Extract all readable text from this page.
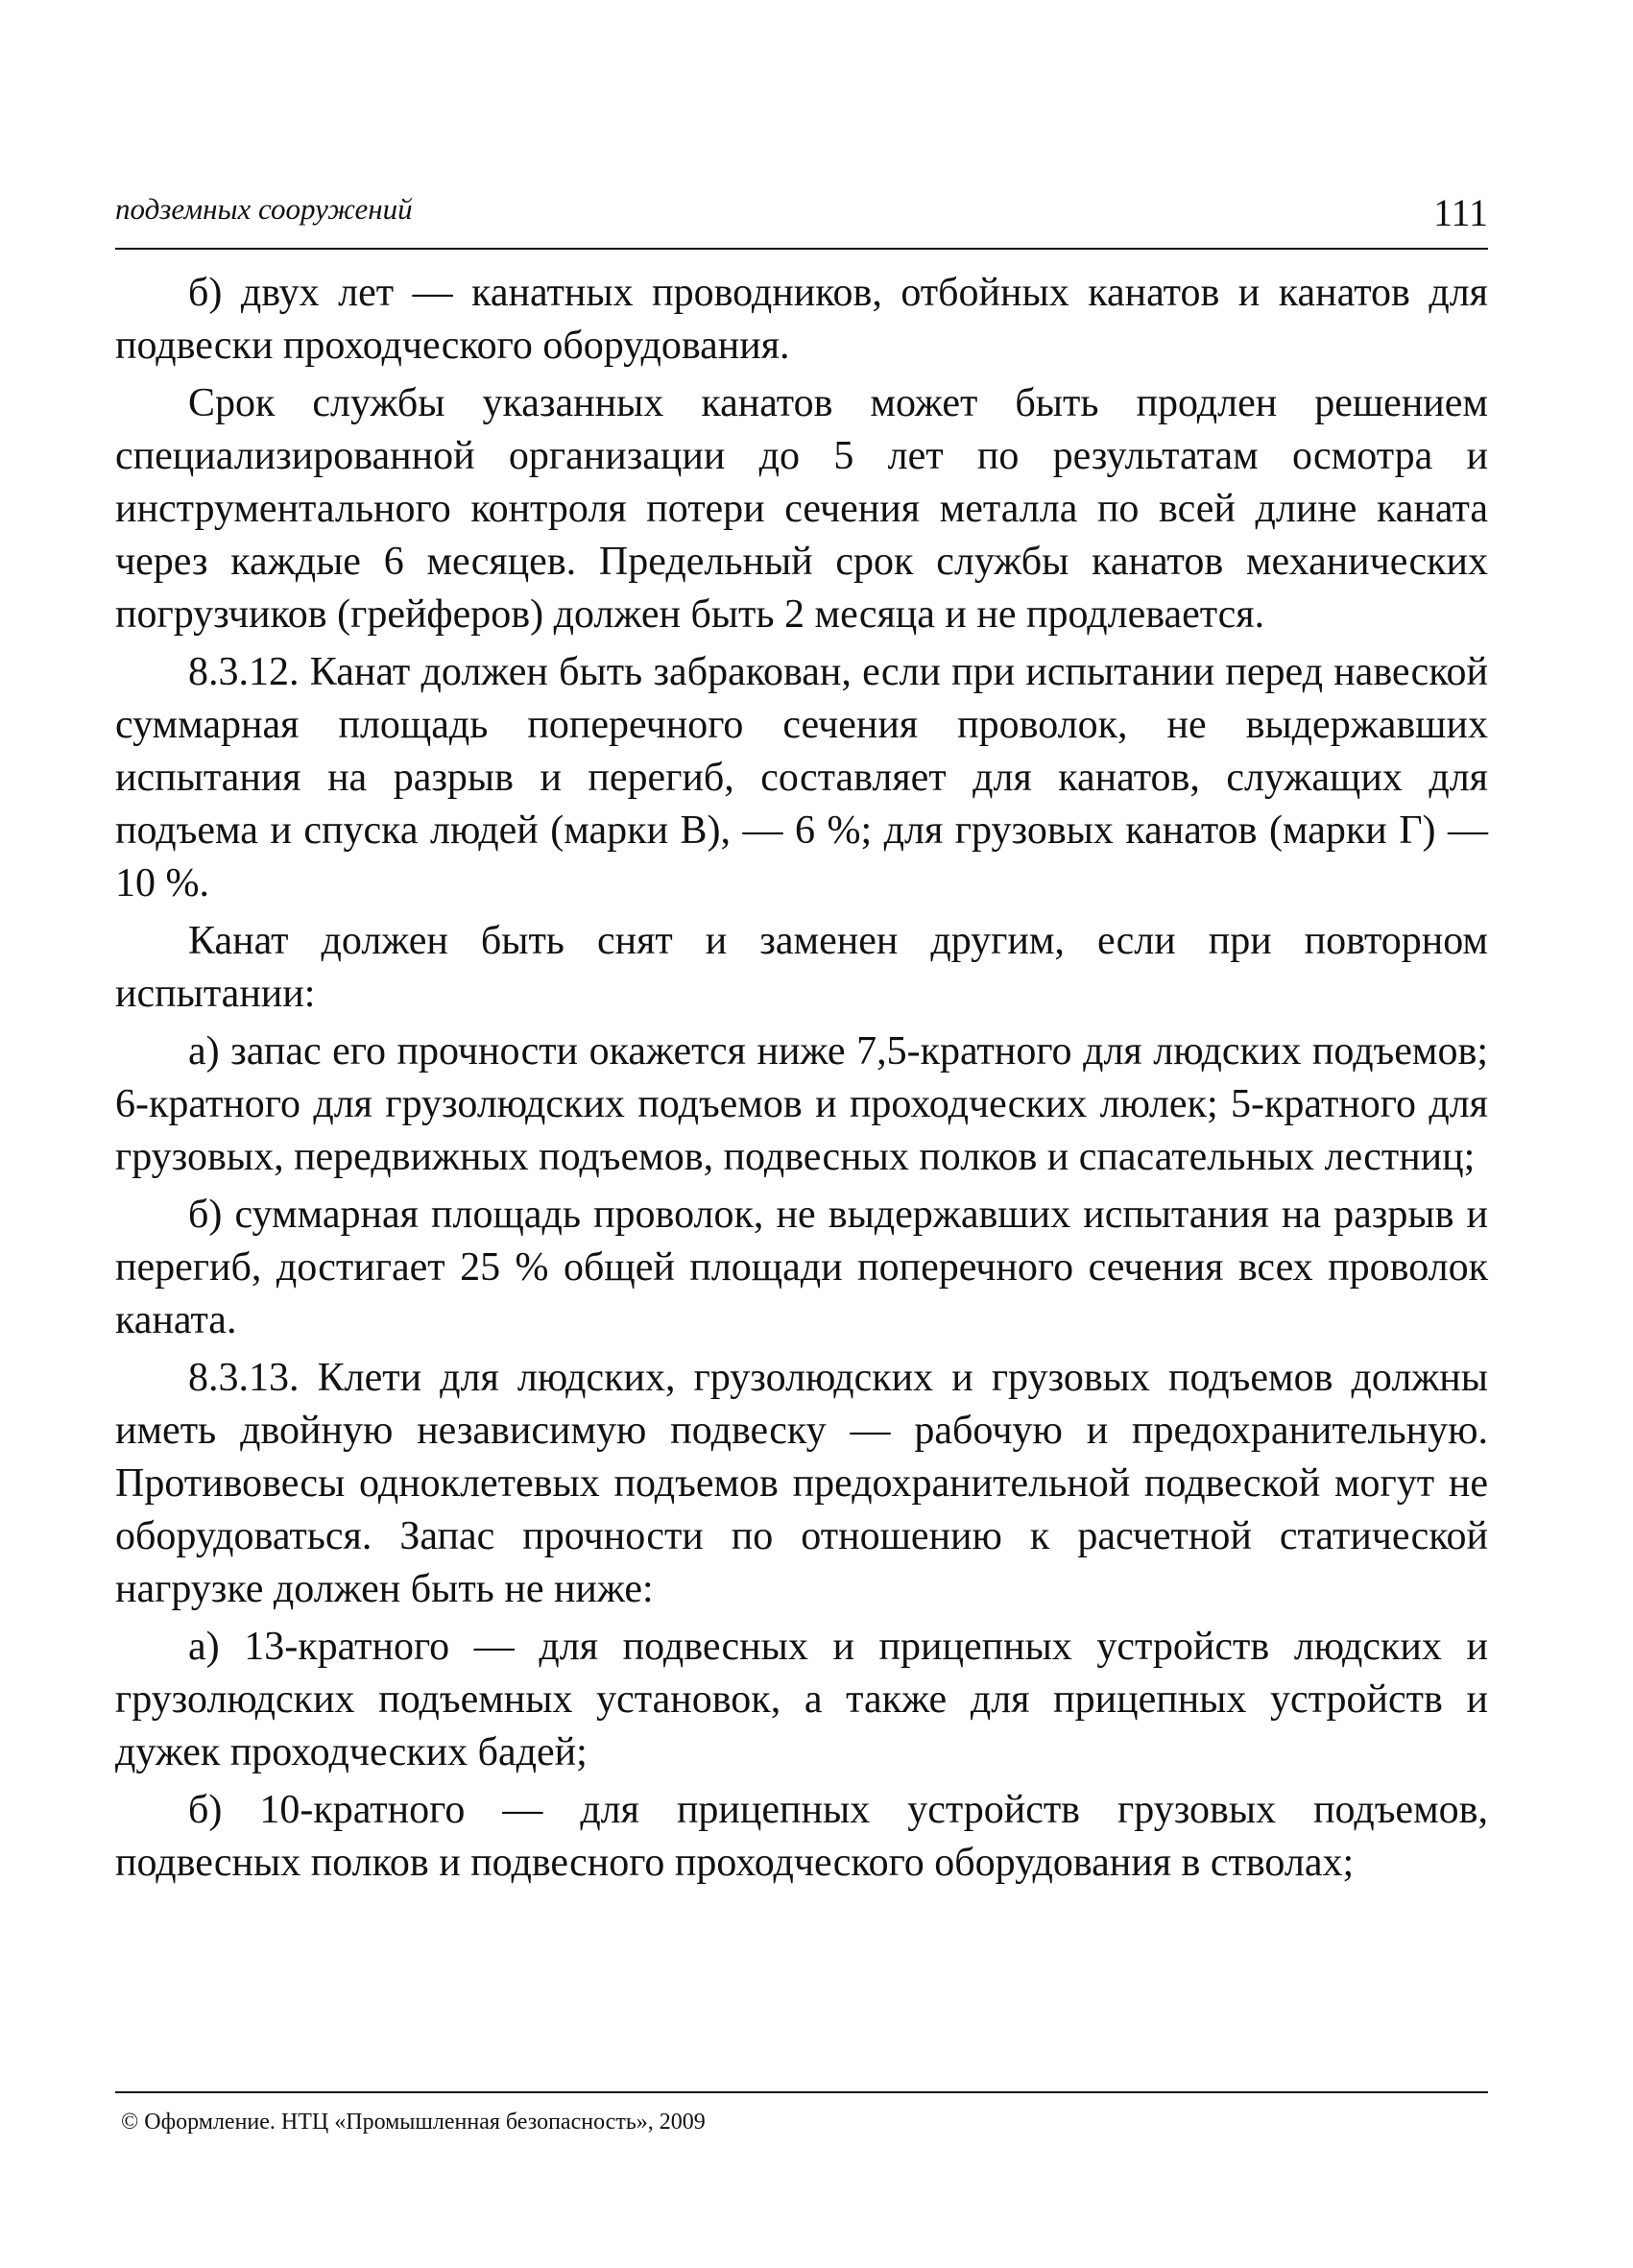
подземных сооружений	111

б) двух лет — канатных проводников, отбойных канатов и канатов для подвески проходческого оборудования.

Срок службы указанных канатов может быть продлен решением специализированной организации до 5 лет по результатам осмотра и инструментального контроля потери сечения металла по всей длине каната через каждые 6 месяцев. Предельный срок службы канатов механических погрузчиков (грейферов) должен быть 2 месяца и не продлевается.

8.3.12. Канат должен быть забракован, если при испытании перед навеской суммарная площадь поперечного сечения проволок, не выдержавших испытания на разрыв и перегиб, составляет для канатов, служащих для подъема и спуска людей (марки В), — 6 %; для грузовых канатов (марки Г) — 10 %.

Канат должен быть снят и заменен другим, если при повторном испытании:

а) запас его прочности окажется ниже 7,5-кратного для людских подъемов; 6-кратного для грузолюдских подъемов и проходческих люлек; 5-кратного для грузовых, передвижных подъемов, подвесных полков и спасательных лестниц;

б) суммарная площадь проволок, не выдержавших испытания на разрыв и перегиб, достигает 25 % общей площади поперечного сечения всех проволок каната.

8.3.13. Клети для людских, грузолюдских и грузовых подъемов должны иметь двойную независимую подвеску — рабочую и предохранительную. Противовесы одноклетевых подъемов предохранительной подвеской могут не оборудоваться. Запас прочности по отношению к расчетной статической нагрузке должен быть не ниже:

а) 13-кратного — для подвесных и прицепных устройств людских и грузолюдских подъемных установок, а также для прицепных устройств и дужек проходческих бадей;

б) 10-кратного — для прицепных устройств грузовых подъемов, подвесных полков и подвесного проходческого оборудования в стволах;

© Оформление. НТЦ «Промышленная безопасность», 2009
